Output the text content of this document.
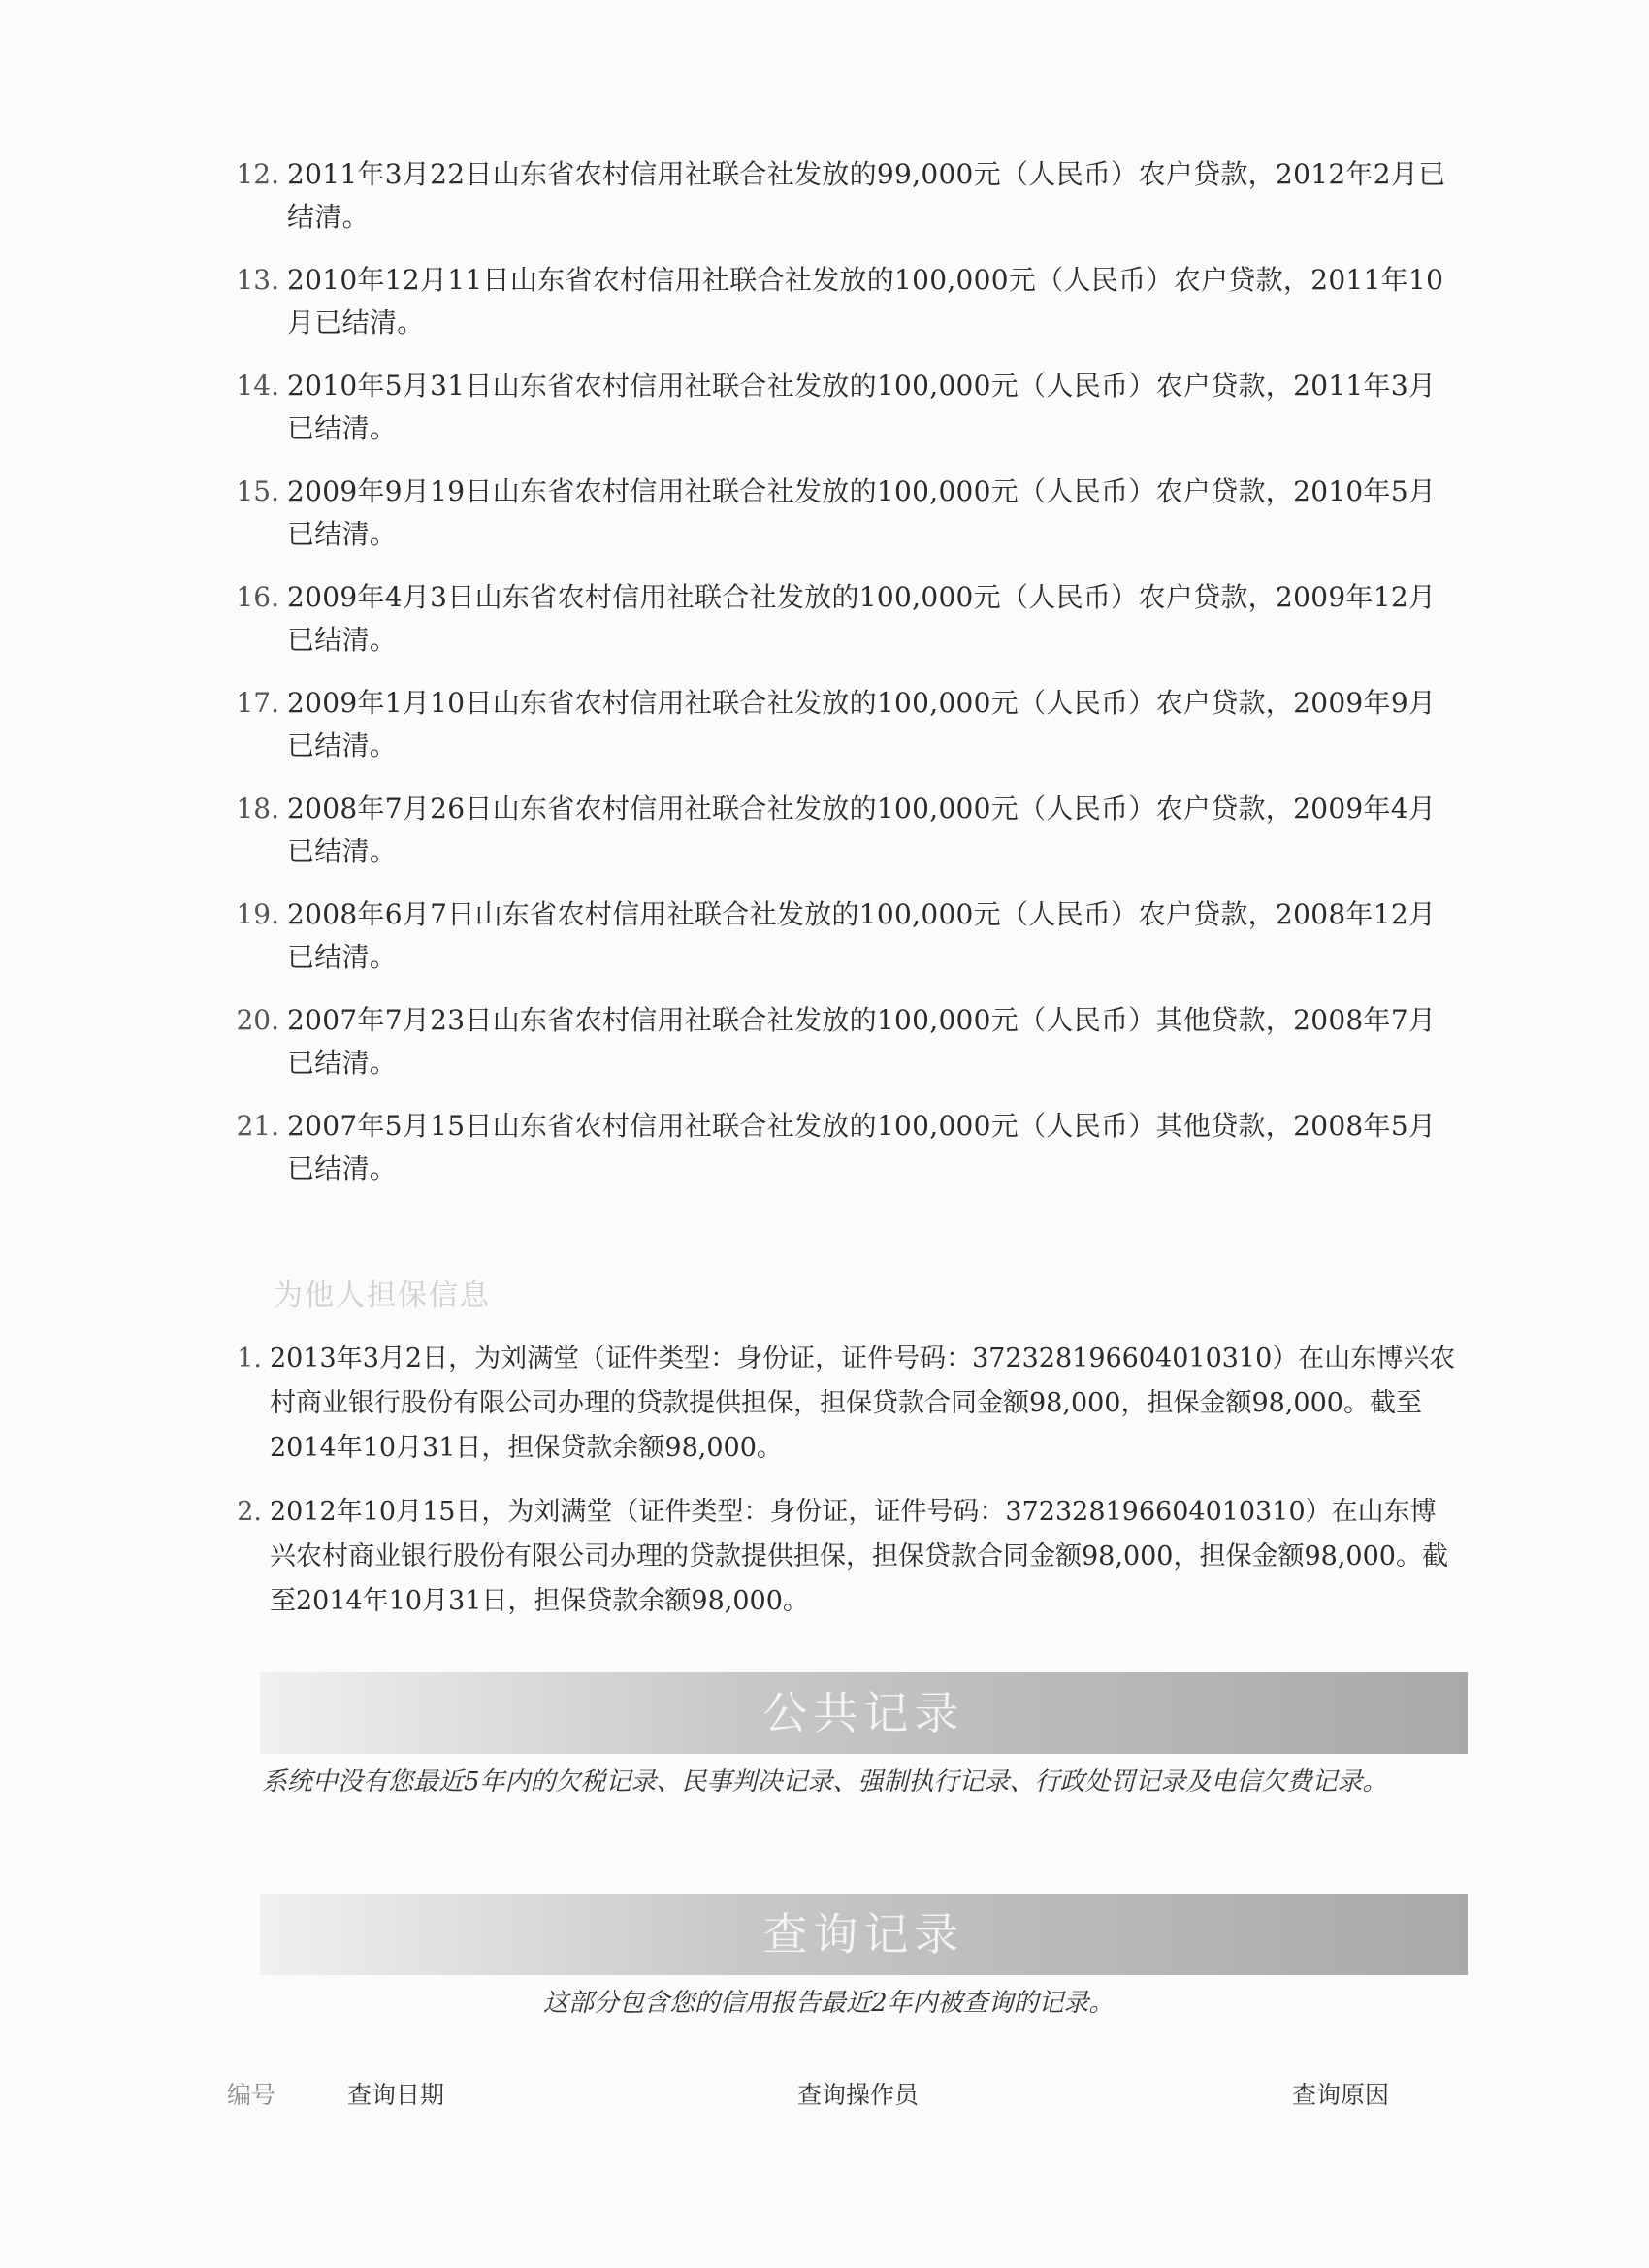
12. 2011年3月22日山东省农村信用社联合社发放的99,000元（人民币）农户贷款，2012年2月已结清。
13. 2010年12月11日山东省农村信用社联合社发放的100,000元（人民币）农户贷款，2011年10月已结清。
14. 2010年5月31日山东省农村信用社联合社发放的100,000元（人民币）农户贷款，2011年3月已结清。
15. 2009年9月19日山东省农村信用社联合社发放的100,000元（人民币）农户贷款，2010年5月已结清。
16. 2009年4月3日山东省农村信用社联合社发放的100,000元（人民币）农户贷款，2009年12月已结清。
17. 2009年1月10日山东省农村信用社联合社发放的100,000元（人民币）农户贷款，2009年9月已结清。
18. 2008年7月26日山东省农村信用社联合社发放的100,000元（人民币）农户贷款，2009年4月已结清。
19. 2008年6月7日山东省农村信用社联合社发放的100,000元（人民币）农户贷款，2008年12月已结清。
20. 2007年7月23日山东省农村信用社联合社发放的100,000元（人民币）其他贷款，2008年7月已结清。
21. 2007年5月15日山东省农村信用社联合社发放的100,000元（人民币）其他贷款，2008年5月已结清。
为他人担保信息
1. 2013年3月2日，为刘满堂（证件类型：身份证，证件号码：372328196604010310）在山东博兴农村商业银行股份有限公司办理的贷款提供担保，担保贷款合同金额98,000，担保金额98,000。截至2014年10月31日，担保贷款余额98,000。
2. 2012年10月15日，为刘满堂（证件类型：身份证，证件号码：372328196604010310）在山东博兴农村商业银行股份有限公司办理的贷款提供担保，担保贷款合同金额98,000，担保金额98,000。截至2014年10月31日，担保贷款余额98,000。
公共记录
系统中没有您最近5年内的欠税记录、民事判决记录、强制执行记录、行政处罚记录及电信欠费记录。
查询记录
这部分包含您的信用报告最近2年内被查询的记录。
编号	查询日期	查询操作员	查询原因
